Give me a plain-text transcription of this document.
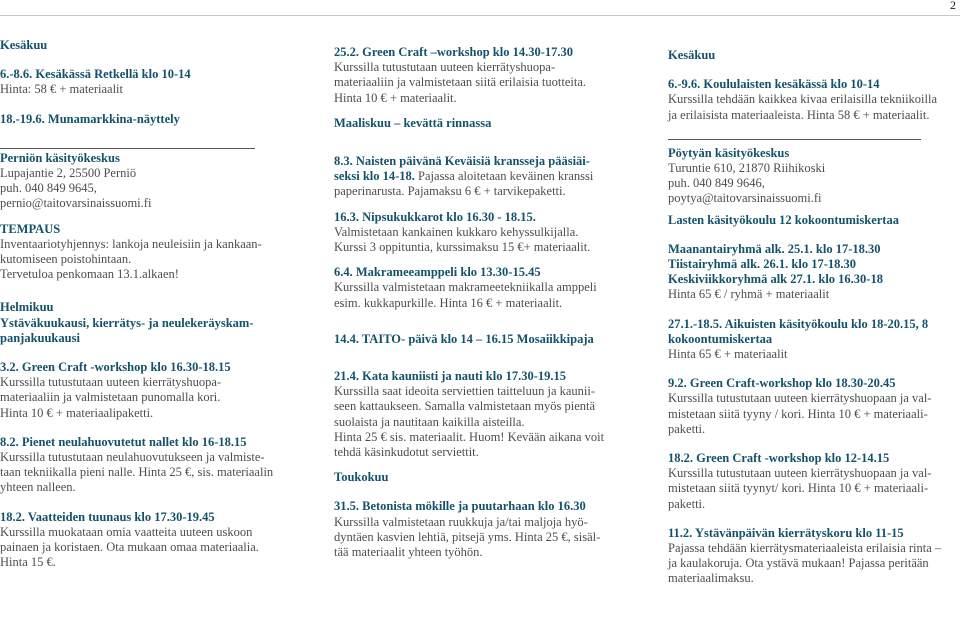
2
Kesäkuu
6.-8.6. Kesäkässä Retkellä klo 10-14
Hinta: 58 € + materiaalit
18.-19.6. Munamarkkina-näyttely
Perniön käsityökeskus
Lupajantie 2, 25500 Perniö
puh. 040 849 9645,
pernio@taitovarsinaissuomi.fi
TEMPAUS
Inventaariotyhjennys: lankoja neuleisiin ja kankaan-
kutomiseen poistohintaan.
Tervetuloa penkomaan 13.1.alkaen!
Helmikuu
Ystäväkuukausi, kierrätys- ja neulekeräyskam-
panjakuukausi
3.2. Green Craft -workshop klo 16.30-18.15
Kurssilla tutustutaan uuteen kierrätyshuopa-
materiaaliin ja valmistetaan punomalla kori.
Hinta 10 € + materiaalipaketti.
8.2. Pienet neulahuovutetut nallet klo 16-18.15
Kurssilla tutustutaan neulahuovutukseen ja valmiste-
taan tekniikalla pieni nalle. Hinta 25 €, sis. materiaalin
yhteen nalleen.
18.2. Vaatteiden tuunaus klo 17.30-19.45
Kurssilla muokataan omia vaatteita uuteen uskoon
painaen ja koristaen. Ota mukaan omaa materiaalia.
Hinta 15 €.
25.2. Green Craft –workshop klo 14.30-17.30
Kurssilla tutustutaan uuteen kierrätyshuopa-
materiaaliin ja valmistetaan siitä erilaisia tuotteita.
Hinta 10 € + materiaalit.
Maaliskuu – kevättä rinnassa
8.3. Naisten päivänä Keväisiä kransseja pääsiäi-
seksi klo 14-18. Pajassa aloitetaan keväinen kranssi
paperinarusta. Pajamaksu 6 € + tarvikepaketti.
16.3. Nipsukukkarot klo 16.30 - 18.15.
Valmistetaan kankainen kukkaro kehyssulkijalla.
Kurssi 3 oppituntia, kurssimaksu 15 €+ materiaalit.
6.4. Makrameeamppeli klo 13.30-15.45
Kurssilla valmistetaan makrameetekniikalla amppeli
esim. kukkapurkille. Hinta 16 € + materiaalit.
14.4. TAITO- päivä klo 14 – 16.15 Mosaiikkipaja
21.4. Kata kauniisti ja nauti klo 17.30-19.15
Kurssilla saat ideoita serviettien taitteluun ja kaunii-
seen kattaukseen. Samalla valmistetaan myös pientä
suolaista ja nautitaan kaikilla aisteilla.
Hinta 25 € sis. materiaalit. Huom! Kevään aikana voit
tehdä käsinkudotut serviettit.
Toukokuu
31.5. Betonista mökille ja puutarhaan klo 16.30
Kurssilla valmistetaan ruukkuja ja/tai maljoja hyö-
dyntäen kasvien lehtiä, pitsejä yms. Hinta 25 €, sisäl-
tää materiaalit yhteen työhön.
Kesäkuu
6.-9.6. Koululaisten kesäkässä klo 10-14
Kurssilla tehdään kaikkea kivaa erilaisilla tekniikoilla
ja erilaisista materiaaleista. Hinta 58 € + materiaalit.
Pöytyän käsityökeskus
Turuntie 610, 21870 Riihikoski
puh. 040 849 9646,
poytya@taitovarsinaissuomi.fi
Lasten käsityökoulu 12 kokoontumiskertaa
Maanantairyhmä alk. 25.1. klo 17-18.30
Tiistairyhmä alk. 26.1. klo 17-18.30
Keskiviikkoryhmä alk 27.1. klo 16.30-18
Hinta 65 € / ryhmä + materiaalit
27.1.-18.5. Aikuisten käsityökoulu klo 18-20.15, 8
kokoontumiskertaa
Hinta 65 € + materiaalit
9.2. Green Craft-workshop klo 18.30-20.45
Kurssilla tutustutaan uuteen kierrätyshuopaan ja val-
mistetaan siitä tyyny / kori. Hinta 10 € + materiaali-
paketti.
18.2. Green Craft -workshop klo 12-14.15
Kurssilla tutustutaan uuteen kierrätyshuopaan ja val-
mistetaan siitä tyynyt/ kori. Hinta 10 € + materiaali-
paketti.
11.2. Ystävänpäivän kierrätyskoru klo 11-15
Pajassa tehdään kierrätysmateriaaleista erilaisia rinta –
ja kaulakoruja. Ota ystävä mukaan! Pajassa peritään
materiaalimaksu.
